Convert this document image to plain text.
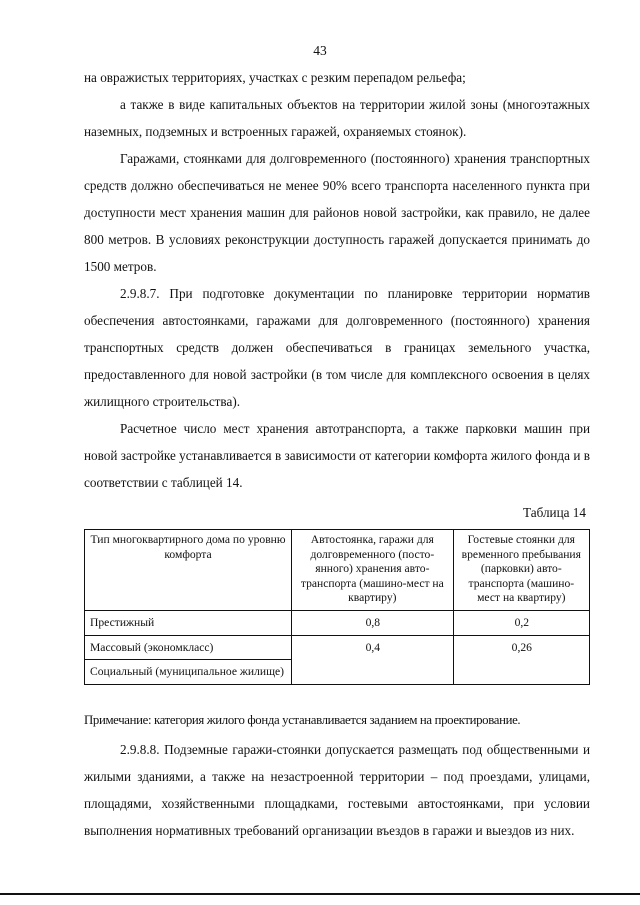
43

на овражистых территориях, участках с резким перепадом рельефа;

а также в виде капитальных объектов на территории жилой зоны (многоэтажных наземных, подземных и встроенных гаражей, охраняемых стоянок).

Гаражами, стоянками для долговременного (постоянного) хранения транспортных средств должно обеспечиваться не менее 90% всего транспорта населенного пункта при доступности мест хранения машин для районов новой застройки, как правило, не далее 800 метров. В условиях реконструкции доступность гаражей допускается принимать до 1500 метров.

2.9.8.7. При подготовке документации по планировке территории норматив обеспечения автостоянками, гаражами для долговременного (постоянного) хранения транспортных средств должен обеспечиваться в границах земельного участка, предоставленного для новой застройки (в том числе для комплексного освоения в целях жилищного строительства).

Расчетное число мест хранения автотранспорта, а также парковки машин при новой застройке устанавливается в зависимости от категории комфорта жилого фонда и в соответствии с таблицей 14.

Таблица 14
Тип многоквартирного дома по уровню комфорта	Автостоянка, гаражи для долговременного (постоянного) хранения автотранспорта (машино-мест на квартиру)	Гостевые стоянки для временного пребывания (парковки) автотранспорта (машино-мест на квартиру)
Престижный	0,8	0,2
Массовый (экономкласс)	0,4	0,26
Социальный (муниципальное жилище)		

Примечание: категория жилого фонда устанавливается заданием на проектирование.

2.9.8.8. Подземные гаражи-стоянки допускается размещать под общественными и жилыми зданиями, а также на незастроенной территории – под проездами, улицами, площадями, хозяйственными площадками, гостевыми автостоянками, при условии выполнения нормативных требований организации въездов в гаражи и выездов из них.
